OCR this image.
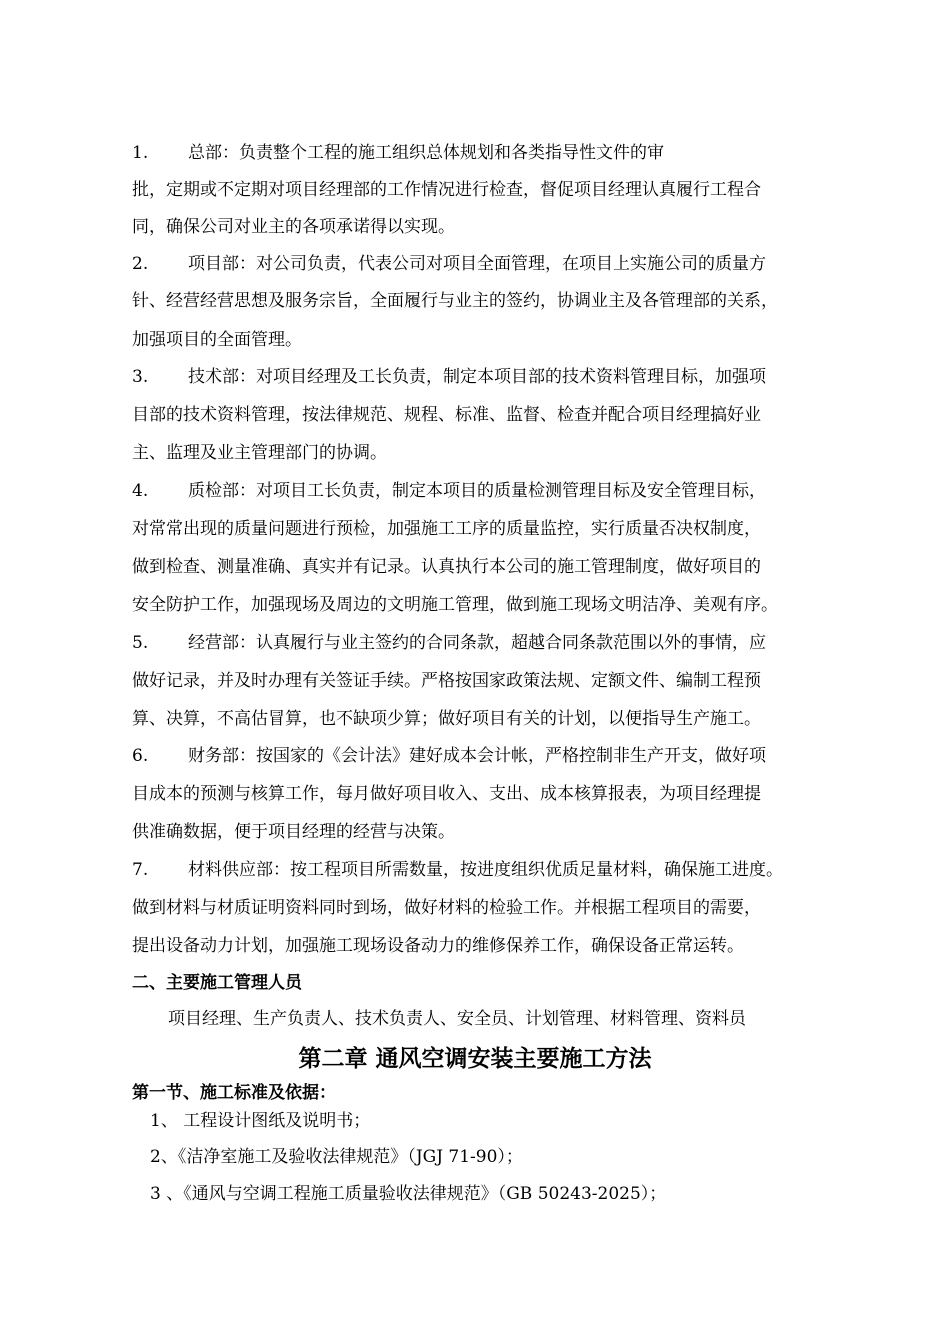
1. 总部：负责整个工程的施工组织总体规划和各类指导性文件的审
批，定期或不定期对项目经理部的工作情况进行检查，督促项目经理认真履行工程合
同，确保公司对业主的各项承诺得以实现。
2. 项目部：对公司负责，代表公司对项目全面管理，在项目上实施公司的质量方
针、经营经营思想及服务宗旨，全面履行与业主的签约，协调业主及各管理部的关系，
加强项目的全面管理。
3. 技术部：对项目经理及工长负责，制定本项目部的技术资料管理目标，加强项
目部的技术资料管理，按法律规范、规程、标准、监督、检查并配合项目经理搞好业
主、监理及业主管理部门的协调。
4. 质检部：对项目工长负责，制定本项目的质量检测管理目标及安全管理目标，
对常常出现的质量问题进行预检，加强施工工序的质量监控，实行质量否决权制度，
做到检查、测量准确、真实并有记录。认真执行本公司的施工管理制度，做好项目的
安全防护工作，加强现场及周边的文明施工管理，做到施工现场文明洁净、美观有序。
5. 经营部：认真履行与业主签约的合同条款，超越合同条款范围以外的事情，应
做好记录，并及时办理有关签证手续。严格按国家政策法规、定额文件、编制工程预
算、决算，不高估冒算，也不缺项少算；做好项目有关的计划，以便指导生产施工。
6. 财务部：按国家的《会计法》建好成本会计帐，严格控制非生产开支，做好项
目成本的预测与核算工作，每月做好项目收入、支出、成本核算报表，为项目经理提
供准确数据，便于项目经理的经营与决策。
7. 材料供应部：按工程项目所需数量，按进度组织优质足量材料，确保施工进度。
做到材料与材质证明资料同时到场，做好材料的检验工作。并根据工程项目的需要，
提出设备动力计划，加强施工现场设备动力的维修保养工作，确保设备正常运转。
二、主要施工管理人员
项目经理、生产负责人、技术负责人、安全员、计划管理、材料管理、资料员
第二章 通风空调安装主要施工方法
第一节、施工标准及依据：
1、 工程设计图纸及说明书；
2、《洁净室施工及验收法律规范》（JGJ 71-90）；
3 、《通风与空调工程施工质量验收法律规范》（GB 50243-2025）；
